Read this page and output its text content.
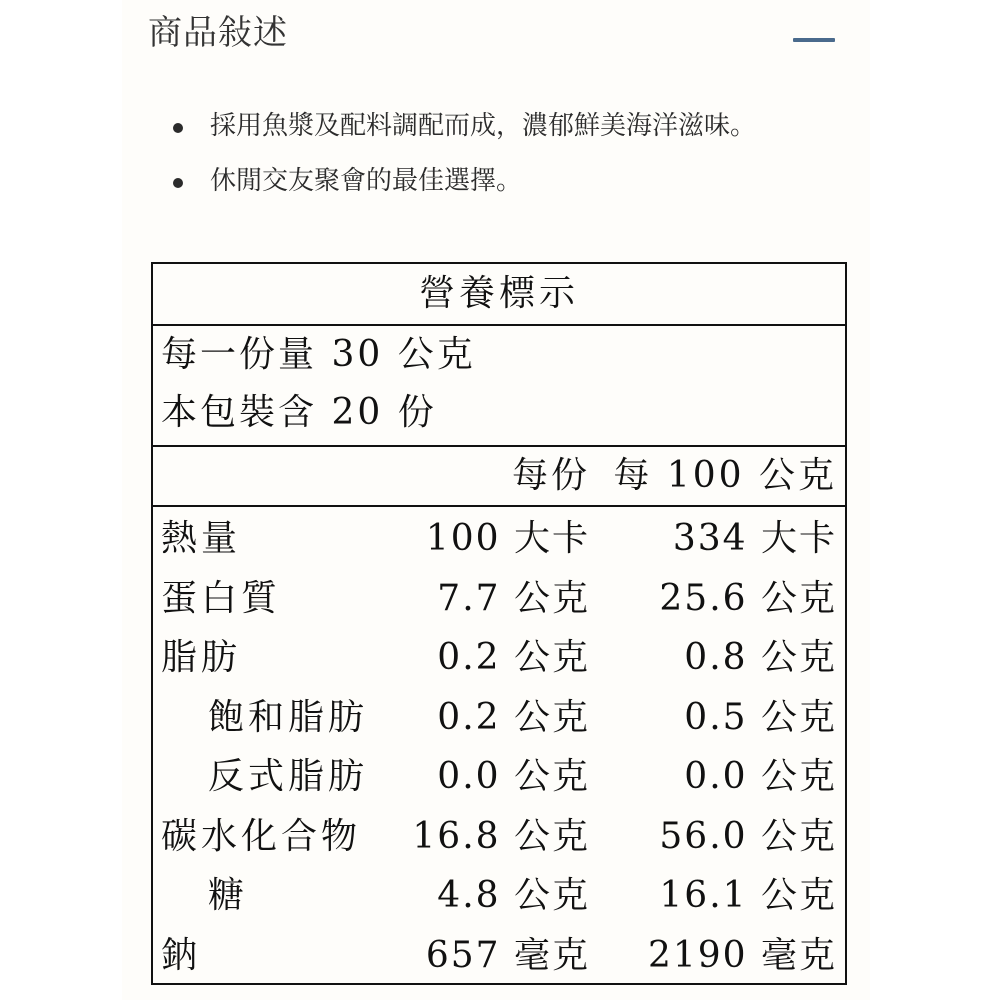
商品敍述
採用魚漿及配料調配而成，濃郁鮮美海洋滋味。
休閒交友聚會的最佳選擇。
營養標示
每一份量 30 公克
本包裝含 20 份
每份 每 100 公克
熱量	100 大卡 334 大卡
蛋白質	7.7 公克 25.6 公克
脂肪	0.2 公克	0.8 公克
飽和脂肪 0.2 公克	0.5 公克
反式脂肪 0.0 公克	0.0 公克
碳水化合物 16.8 公克 56.0 公克
糖	4.8 公克 16.1 公克
鈉	657 毫克 2190 毫克
